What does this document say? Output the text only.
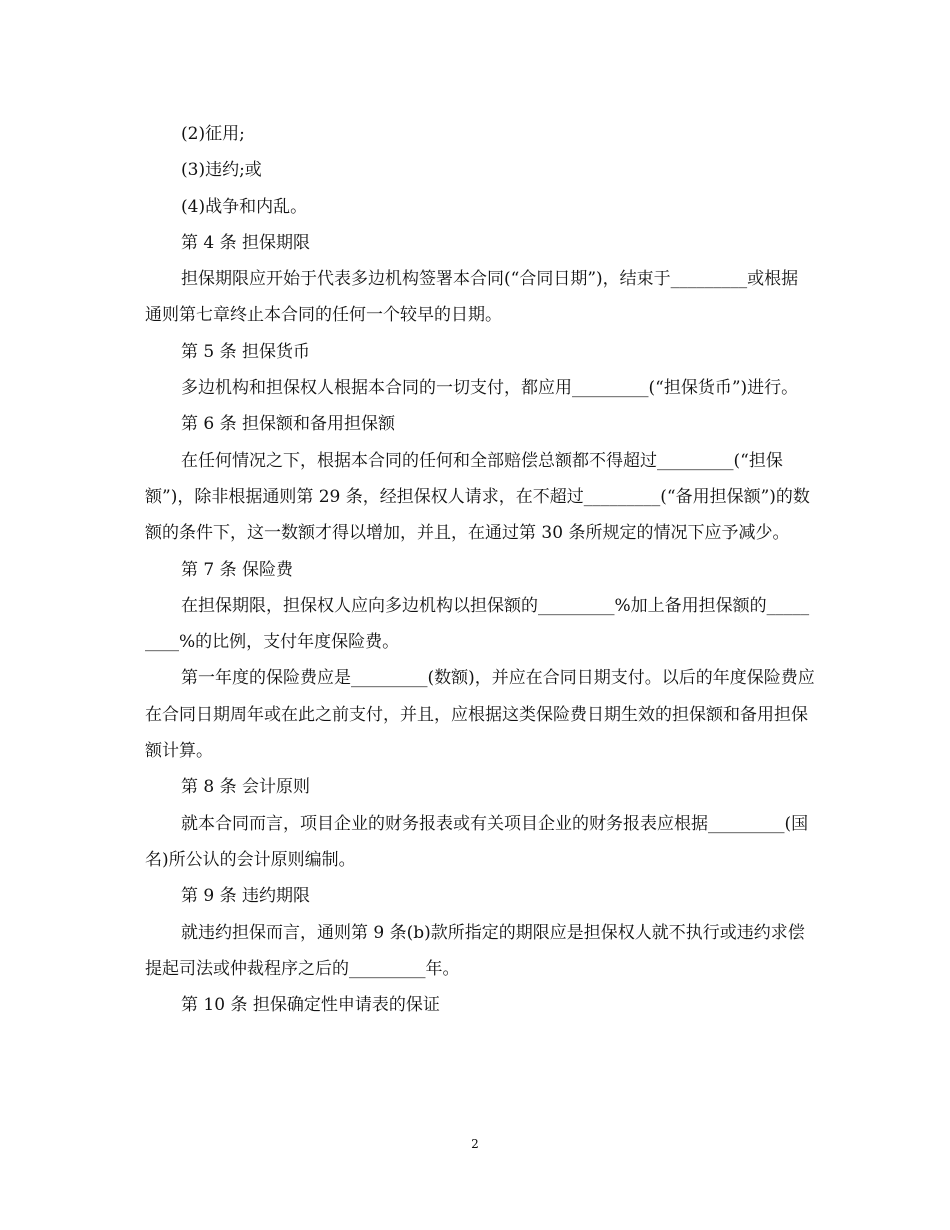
(2)征用;

(3)违约;或

(4)战争和内乱。

第 4 条 担保期限

担保期限应开始于代表多边机构签署本合同(“合同日期”)，结束于_________或根据通则第七章终止本合同的任何一个较早的日期。

第 5 条 担保货币

多边机构和担保权人根据本合同的一切支付，都应用_________(“担保货币”)进行。

第 6 条 担保额和备用担保额

在任何情况之下，根据本合同的任何和全部赔偿总额都不得超过_________(“担保额”)，除非根据通则第 29 条，经担保权人请求，在不超过_________(“备用担保额”)的数额的条件下，这一数额才得以增加，并且，在通过第 30 条所规定的情况下应予减少。

第 7 条 保险费

在担保期限，担保权人应向多边机构以担保额的_________%加上备用担保额的_________%的比例，支付年度保险费。

第一年度的保险费应是_________(数额)，并应在合同日期支付。以后的年度保险费应在合同日期周年或在此之前支付，并且，应根据这类保险费日期生效的担保额和备用担保额计算。

第 8 条 会计原则

就本合同而言，项目企业的财务报表或有关项目企业的财务报表应根据_________(国名)所公认的会计原则编制。

第 9 条 违约期限

就违约担保而言，通则第 9 条(b)款所指定的期限应是担保权人就不执行或违约求偿提起司法或仲裁程序之后的_________年。

第 10 条 担保确定性申请表的保证

2
